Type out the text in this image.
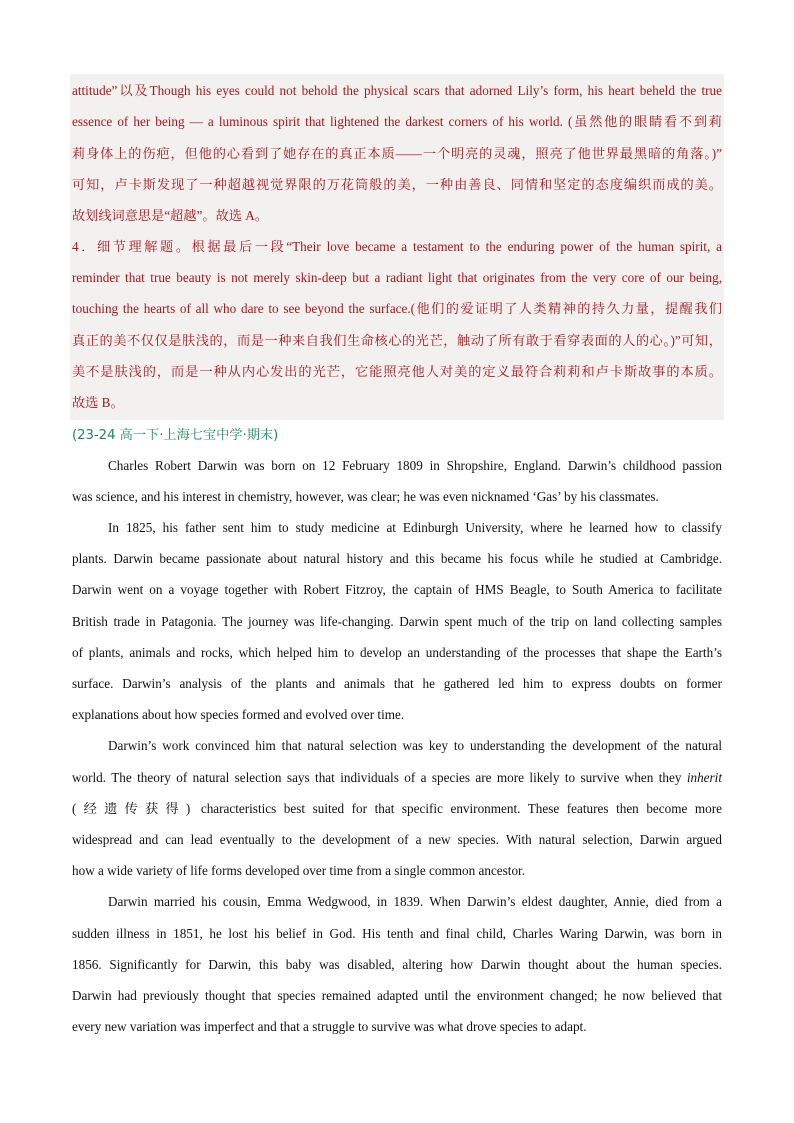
attitude”以及Though his eyes could not behold the physical scars that adorned Lily’s form, his heart beheld the true
essence of her being — a luminous spirit that lightened the darkest corners of his world. (虽然他的眼睛看不到莉
莉身体上的伤疤，但他的心看到了她存在的真正本质——一个明亮的灵魂，照亮了他世界最黑暗的角落。)”
可知，卢卡斯发现了一种超越视觉界限的万花筒般的美，一种由善良、同情和坚定的态度编织而成的美。
故划线词意思是“超越”。故选 A。
4．细节理解题。根据最后一段“Their love became a testament to the enduring power of the human spirit, a
reminder that true beauty is not merely skin-deep but a radiant light that originates from the very core of our being,
touching the hearts of all who dare to see beyond the surface.(他们的爱证明了人类精神的持久力量，提醒我们
真正的美不仅仅是肤浅的，而是一种来自我们生命核心的光芒，触动了所有敢于看穿表面的人的心。)”可知，
美不是肤浅的，而是一种从内心发出的光芒，它能照亮他人对美的定义最符合莉莉和卢卡斯故事的本质。
故选 B。
(23-24 高一下·上海七宝中学·期末)
Charles Robert Darwin was born on 12 February 1809 in Shropshire, England. Darwin’s childhood passion
was science, and his interest in chemistry, however, was clear; he was even nicknamed ‘Gas’ by his classmates.
In 1825, his father sent him to study medicine at Edinburgh University, where he learned how to classify
plants. Darwin became passionate about natural history and this became his focus while he studied at Cambridge.
Darwin went on a voyage together with Robert Fitzroy, the captain of HMS Beagle, to South America to facilitate
British trade in Patagonia. The journey was life-changing. Darwin spent much of the trip on land collecting samples
of plants, animals and rocks, which helped him to develop an understanding of the processes that shape the Earth’s
surface. Darwin’s analysis of the plants and animals that he gathered led him to express doubts on former
explanations about how species formed and evolved over time.
Darwin’s work convinced him that natural selection was key to understanding the development of the natural
world. The theory of natural selection says that individuals of a species are more likely to survive when they inherit
(经遗传获得) characteristics best suited for that specific environment. These features then become more
widespread and can lead eventually to the development of a new species. With natural selection, Darwin argued
how a wide variety of life forms developed over time from a single common ancestor.
Darwin married his cousin, Emma Wedgwood, in 1839. When Darwin’s eldest daughter, Annie, died from a
sudden illness in 1851, he lost his belief in God. His tenth and final child, Charles Waring Darwin, was born in
1856. Significantly for Darwin, this baby was disabled, altering how Darwin thought about the human species.
Darwin had previously thought that species remained adapted until the environment changed; he now believed that
every new variation was imperfect and that a struggle to survive was what drove species to adapt.
